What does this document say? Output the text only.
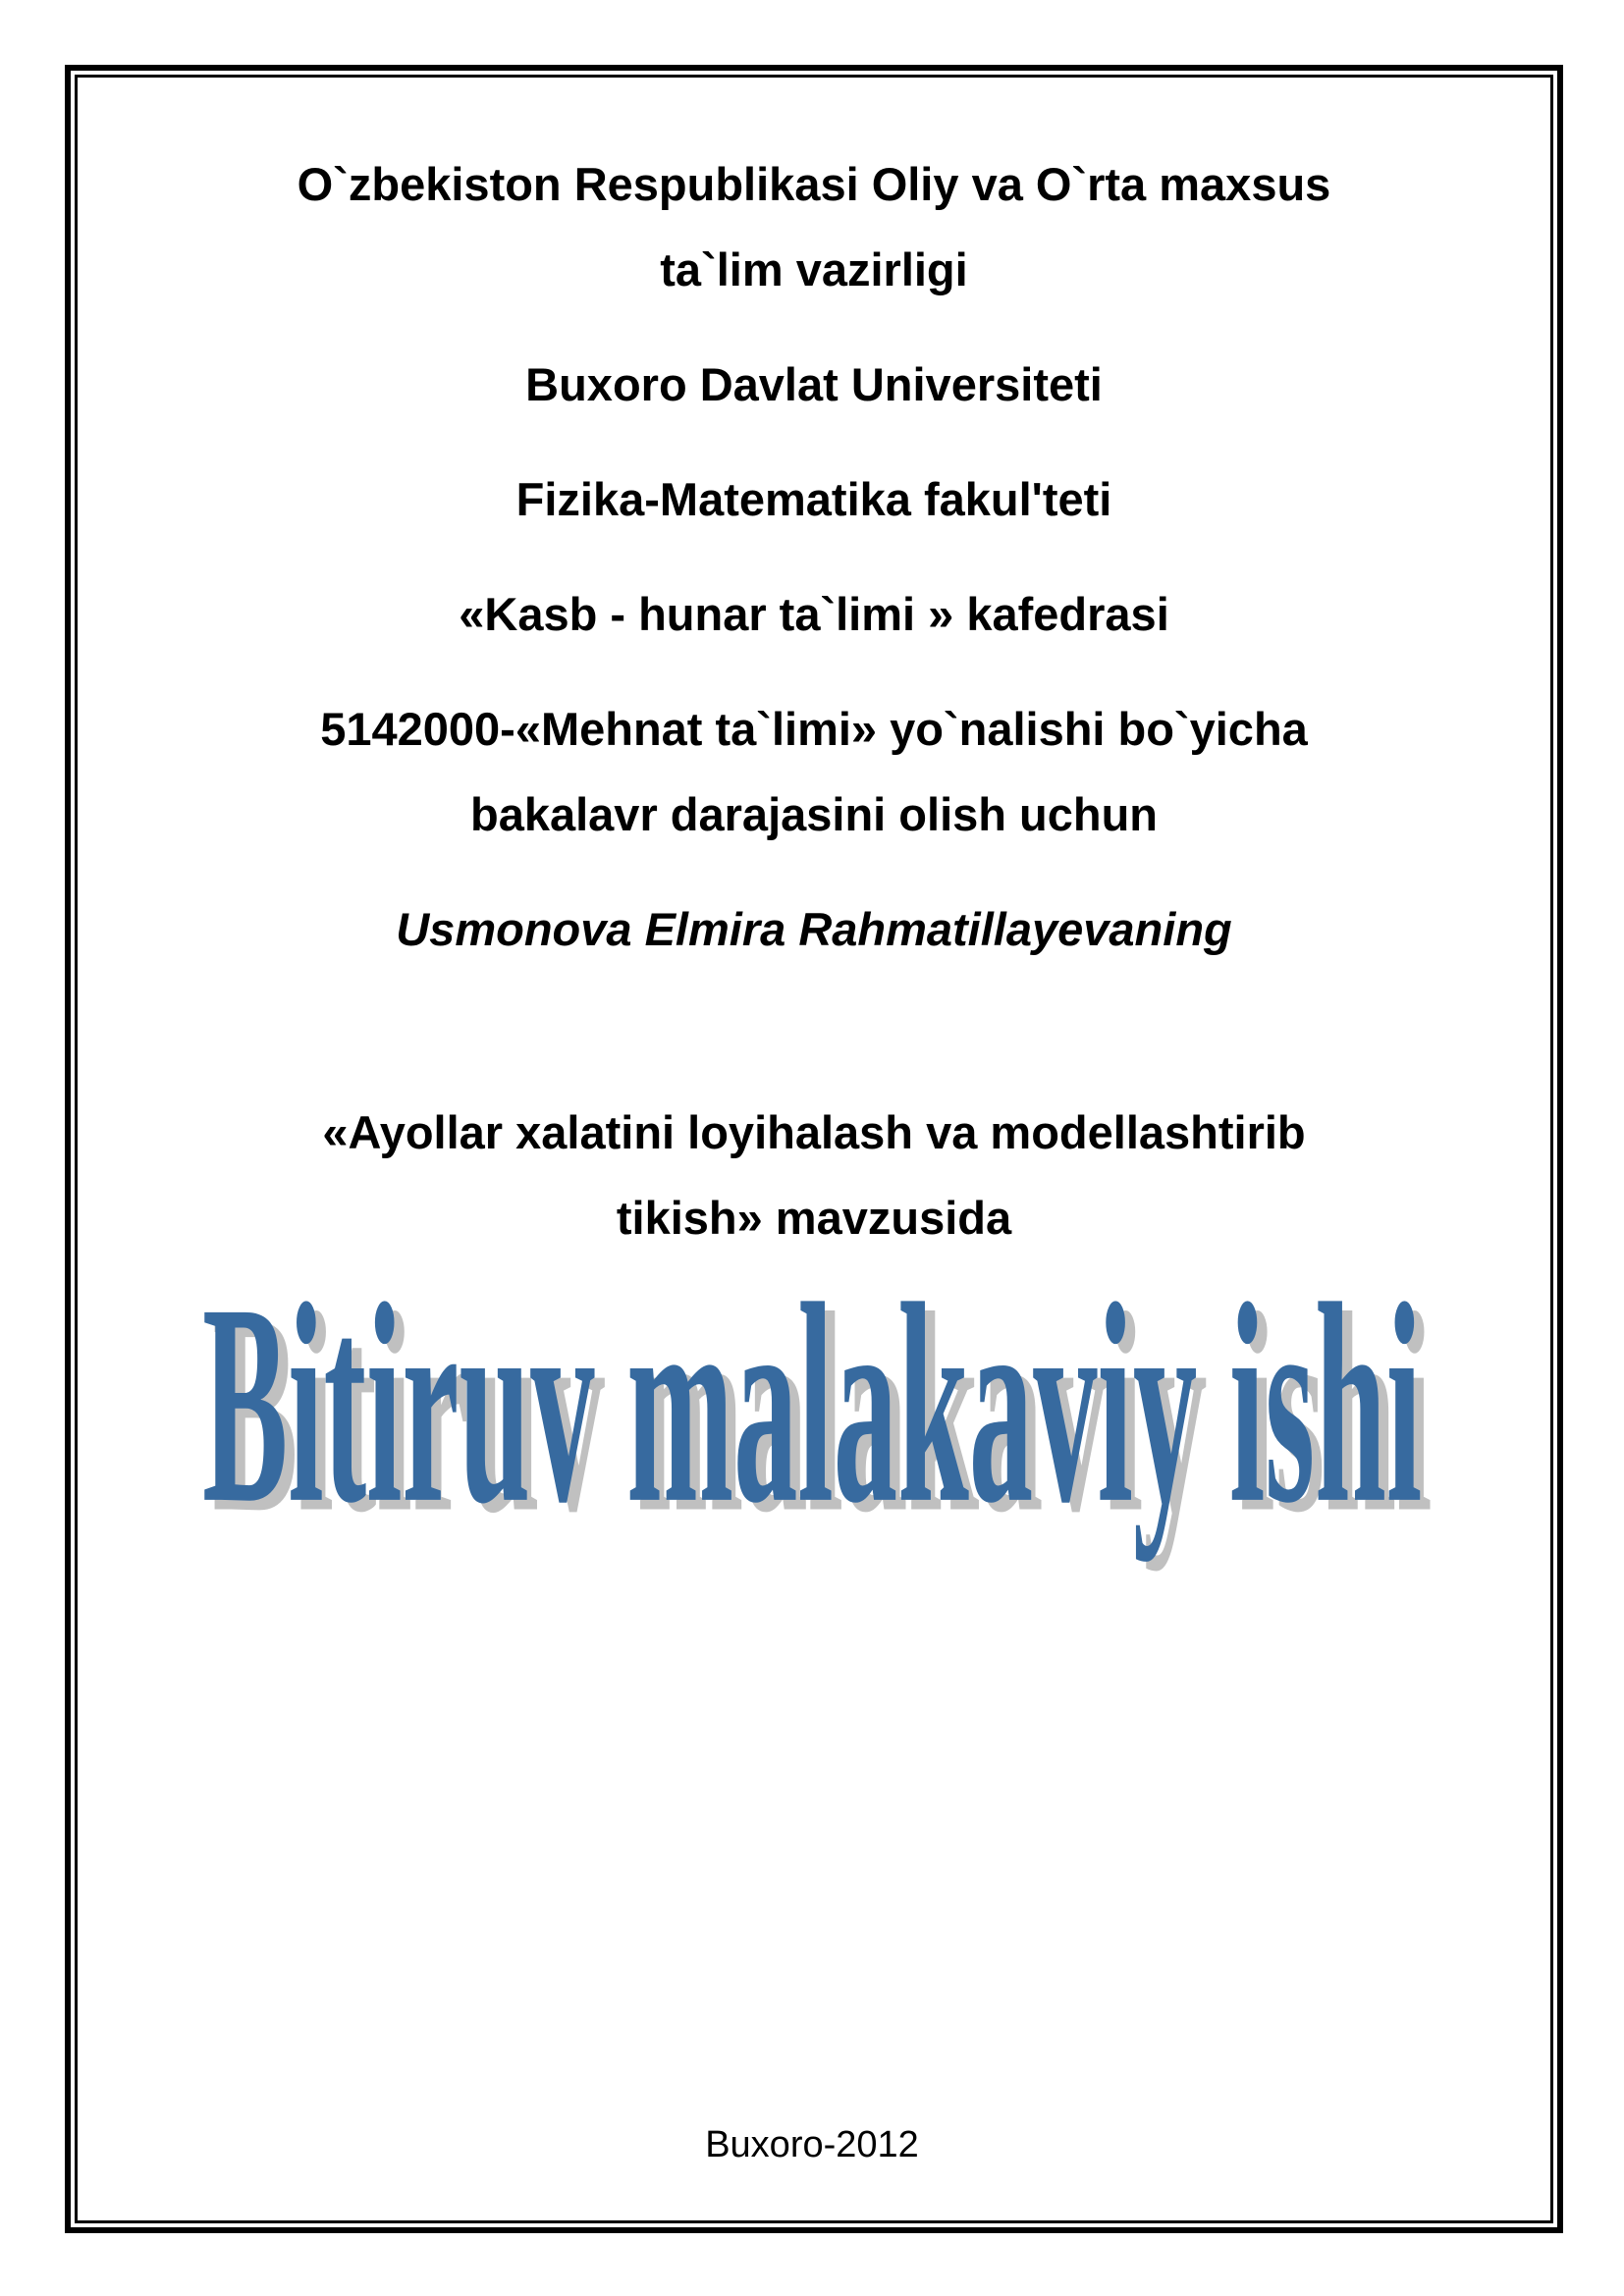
O`zbekiston Respublikasi Oliy va O`rta maxsus
ta`lim vazirligi
Buxoro Davlat Universiteti
Fizika-Matematika fakul'teti
«Kasb - hunar ta`limi » kafedrasi
5142000-«Mehnat ta`limi» yo`nalishi bo`yicha
bakalavr darajasini olish uchun
Usmonova Elmira Rahmatillayevaning
«Ayollar xalatini loyihalash va modellashtirib
tikish» mavzusida
Bitiruv malakaviy ishi
Buxoro-2012
